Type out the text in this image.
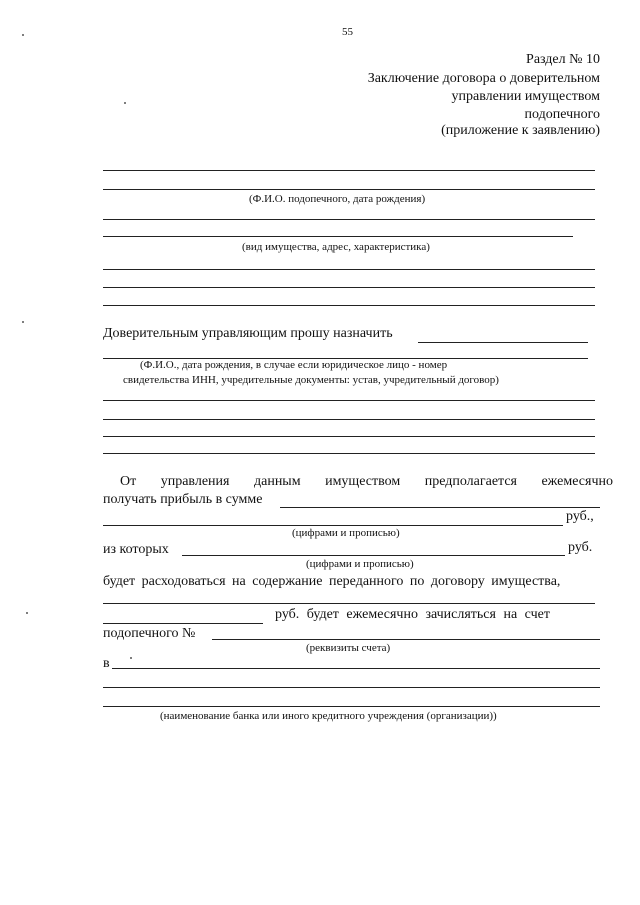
55
Раздел № 10
Заключение договора о доверительном
управлении имуществом
подопечного
(приложение к заявлению)
(Ф.И.О. подопечного, дата рождения)
(вид имущества, адрес, характеристика)
Доверительным управляющим прошу назначить
(Ф.И.О., дата рождения, в случае если юридическое лицо - номер
свидетельства ИНН, учредительные документы: устав, учредительный договор)
От управления данным имуществом предполагается ежемесячно
получать прибыль в сумме
руб.,
(цифрами и прописью)
из которых	руб.
(цифрами и прописью)
будет расходоваться на содержание переданного по договору имущества,
руб. будет ежемесячно зачисляться на счет
подопечного №
(реквизиты счета)
в
(наименование банка или иного кредитного учреждения (организации))
